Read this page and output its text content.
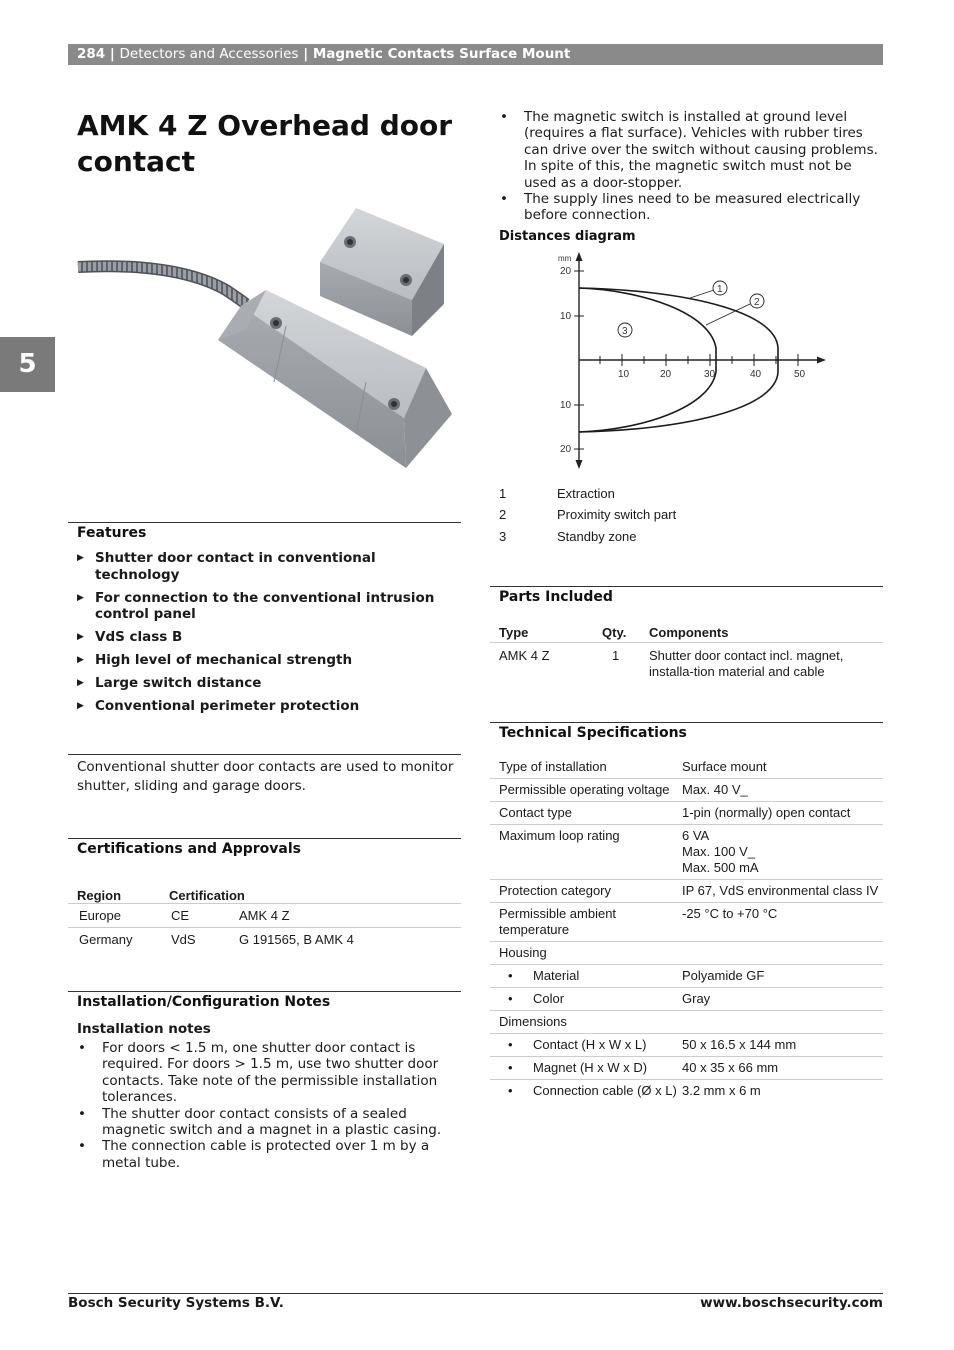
284 | Detectors and Accessories | Magnetic Contacts Surface Mount
5
AMK 4 Z Overhead door contact
Features
▶ Shutter door contact in conventional technology
▶ For connection to the conventional intrusion control panel
▶ VdS class B
▶ High level of mechanical strength
▶ Large switch distance
▶ Conventional perimeter protection

Conventional shutter door contacts are used to monitor shutter, sliding and garage doors.

Certifications and Approvals
Region	Certification	
Europe	CE	AMK 4 Z
Germany	VdS	G 191565, B AMK 4
Installation/Configuration Notes
Installation notes
• For doors < 1.5 m, one shutter door contact is required. For doors > 1.5 m, use two shutter door contacts. Take note of the permissible installation tolerances.
• The shutter door contact consists of a sealed magnetic switch and a magnet in a plastic casing.
• The connection cable is protected over 1 m by a metal tube.
• The magnetic switch is installed at ground level (requires a flat surface). Vehicles with rubber tires can drive over the switch without causing problems. In spite of this, the magnetic switch must not be used as a door-stopper.
• The supply lines need to be measured electrically before connection.
Distances diagram
mm
10	20	30	40	50
20
10
10
20
1
2
3
1	Extraction
2	Proximity switch part
3	Standby zone
Parts Included
Type	Qty.	Components
AMK 4 Z	1	Shutter door contact incl. magnet, installa-tion material and cable
Technical Specifications
Type of installation	Surface mount
Permissible operating voltage	Max. 40 V_
Contact type	1-pin (normally) open contact
Maximum loop rating	6 VA
Max. 100 V_
Max. 500 mA

Protection category	IP 67, VdS environmental class IV
Permissible ambient temperature	-25 °C to +70 °C
Housing	

• Material	Polyamide GF

• Color	Gray
Dimensions	

• Contact (H x W x L)	50 x 16.5 x 144 mm

• Magnet (H x W x D)	40 x 35 x 66 mm

• Connection cable (Ø x L)	3.2 mm x 6 m
Bosch Security Systems B.V.	www.boschsecurity.com
